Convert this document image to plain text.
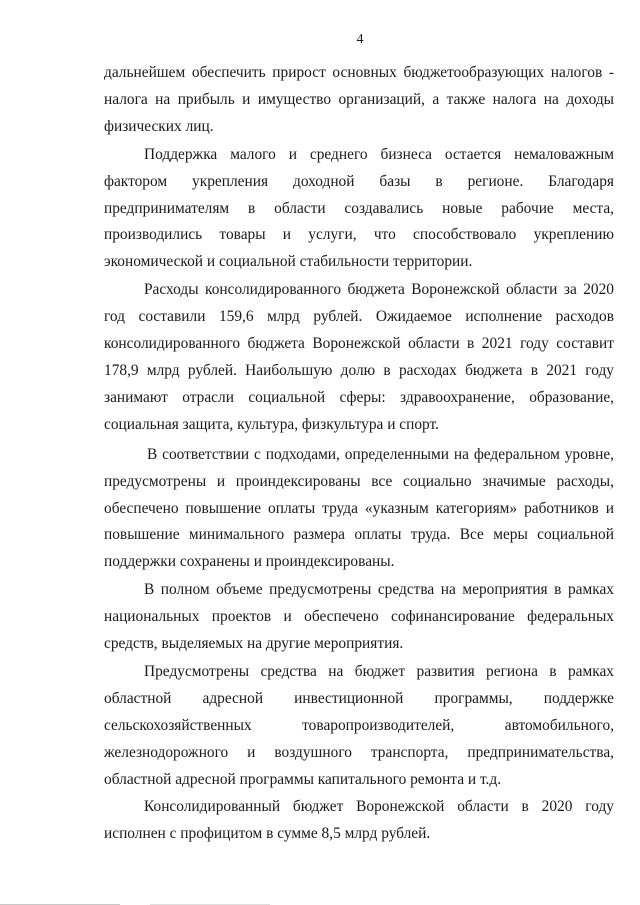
4

дальнейшем обеспечить прирост основных бюджетообразующих налогов - налога на прибыль и имущество организаций, а также налога на доходы физических лиц.

Поддержка малого и среднего бизнеса остается немаловажным фактором укрепления доходной базы в регионе. Благодаря предпринимателям в области создавались новые рабочие места, производились товары и услуги, что способствовало укреплению экономической и социальной стабильности территории.

Расходы консолидированного бюджета Воронежской области за 2020 год составили 159,6 млрд рублей. Ожидаемое исполнение расходов консолидированного бюджета Воронежской области в 2021 году составит 178,9 млрд рублей. Наибольшую долю в расходах бюджета в 2021 году занимают отрасли социальной сферы: здравоохранение, образование, социальная защита, культура, физкультура и спорт.

В соответствии с подходами, определенными на федеральном уровне, предусмотрены и проиндексированы все социально значимые расходы, обеспечено повышение оплаты труда «указным категориям» работников и повышение минимального размера оплаты труда. Все меры социальной поддержки сохранены и проиндексированы.

В полном объеме предусмотрены средства на мероприятия в рамках национальных проектов и обеспечено софинансирование федеральных средств, выделяемых на другие мероприятия.

Предусмотрены средства на бюджет развития региона в рамках областной адресной инвестиционной программы, поддержке сельскохозяйственных товаропроизводителей, автомобильного, железнодорожного и воздушного транспорта, предпринимательства, областной адресной программы капитального ремонта и т.д.

Консолидированный бюджет Воронежской области в 2020 году исполнен с профицитом в сумме 8,5 млрд рублей.
